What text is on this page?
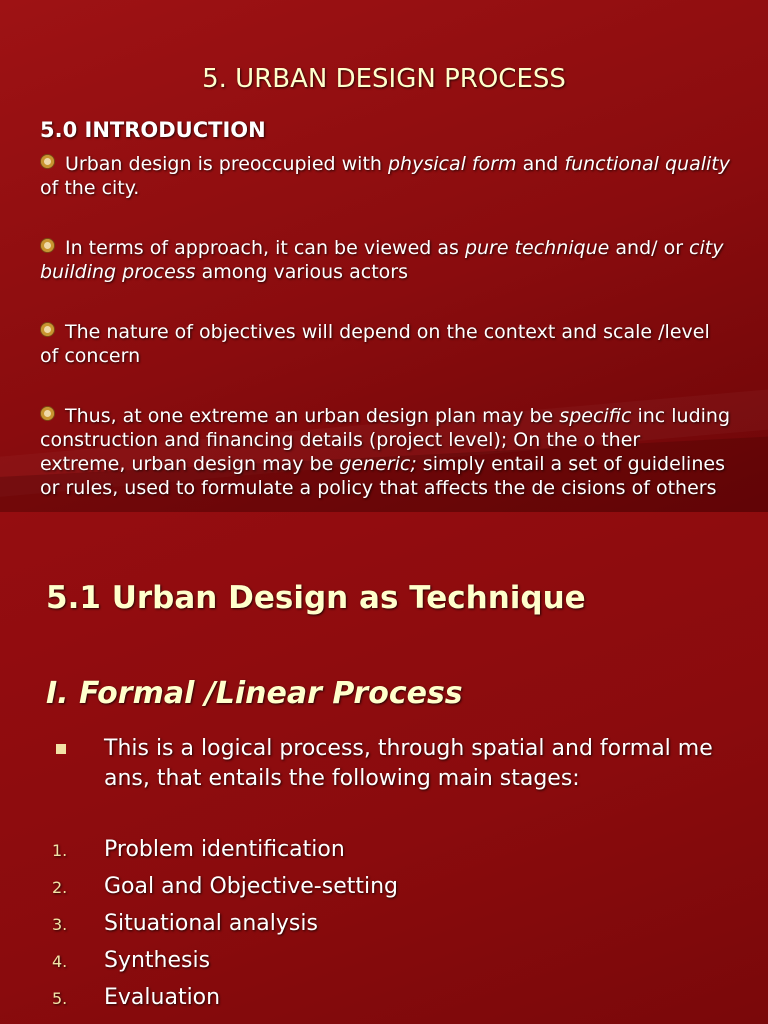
5. URBAN DESIGN PROCESS
5.0 INTRODUCTION
Urban design is preoccupied with physical form and functional quality of the city.
In terms of approach, it can be viewed as pure technique and/ or city building process among various actors
The nature of objectives will depend on the context and scale /level of concern
Thus, at one extreme an urban design plan may be specific inc luding construction and financing details (project level); On the o ther extreme, urban design may be generic; simply entail a set of guidelines or rules, used to formulate a policy that affects the de cisions of others
5.1 Urban Design as Technique
I. Formal /Linear Process
This is a logical process, through spatial and formal me ans, that entails the following main stages:
1.	Problem identification
2.	Goal and Objective-setting
3.	Situational analysis
4.	Synthesis
5.	Evaluation
